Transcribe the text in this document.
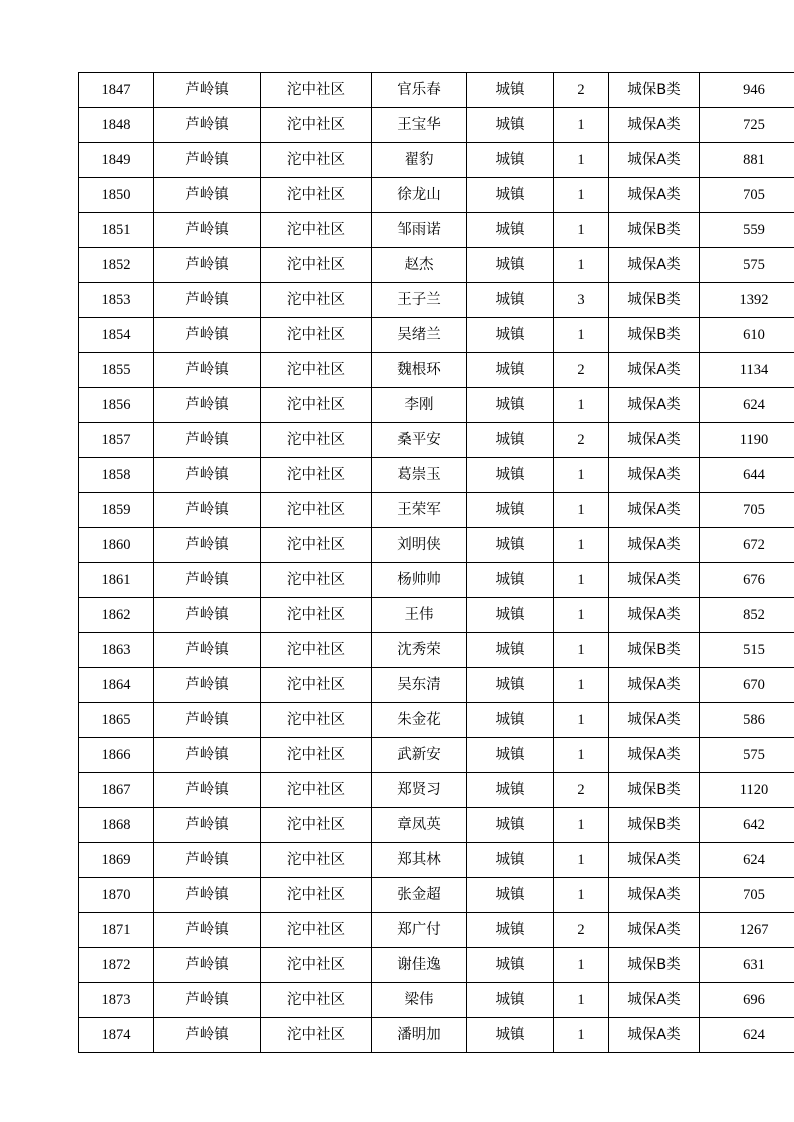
1847	芦岭镇	沱中社区	官乐春	城镇	2	城保B类	946
1848	芦岭镇	沱中社区	王宝华	城镇	1	城保A类	725
1849	芦岭镇	沱中社区	翟豹	城镇	1	城保A类	881
1850	芦岭镇	沱中社区	徐龙山	城镇	1	城保A类	705
1851	芦岭镇	沱中社区	邹雨诺	城镇	1	城保B类	559
1852	芦岭镇	沱中社区	赵杰	城镇	1	城保A类	575
1853	芦岭镇	沱中社区	王子兰	城镇	3	城保B类	1392
1854	芦岭镇	沱中社区	吴绪兰	城镇	1	城保B类	610
1855	芦岭镇	沱中社区	魏根环	城镇	2	城保A类	1134
1856	芦岭镇	沱中社区	李刚	城镇	1	城保A类	624
1857	芦岭镇	沱中社区	桑平安	城镇	2	城保A类	1190
1858	芦岭镇	沱中社区	葛崇玉	城镇	1	城保A类	644
1859	芦岭镇	沱中社区	王荣军	城镇	1	城保A类	705
1860	芦岭镇	沱中社区	刘明侠	城镇	1	城保A类	672
1861	芦岭镇	沱中社区	杨帅帅	城镇	1	城保A类	676
1862	芦岭镇	沱中社区	王伟	城镇	1	城保A类	852
1863	芦岭镇	沱中社区	沈秀荣	城镇	1	城保B类	515
1864	芦岭镇	沱中社区	吴东清	城镇	1	城保A类	670
1865	芦岭镇	沱中社区	朱金花	城镇	1	城保A类	586
1866	芦岭镇	沱中社区	武新安	城镇	1	城保A类	575
1867	芦岭镇	沱中社区	郑贤习	城镇	2	城保B类	1120
1868	芦岭镇	沱中社区	章凤英	城镇	1	城保B类	642
1869	芦岭镇	沱中社区	郑其林	城镇	1	城保A类	624
1870	芦岭镇	沱中社区	张金超	城镇	1	城保A类	705
1871	芦岭镇	沱中社区	郑广付	城镇	2	城保A类	1267
1872	芦岭镇	沱中社区	谢佳逸	城镇	1	城保B类	631
1873	芦岭镇	沱中社区	梁伟	城镇	1	城保A类	696
1874	芦岭镇	沱中社区	潘明加	城镇	1	城保A类	624
